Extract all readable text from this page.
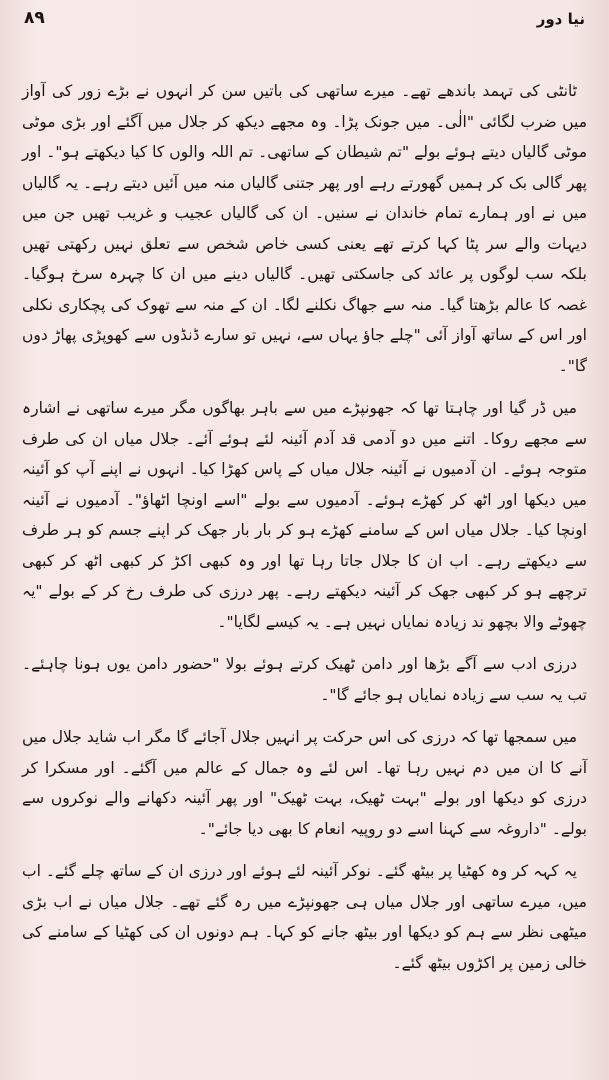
نیا دور
۸۹

ٹانٹی کی تہمد باندھے تھے۔ میرے ساتھی کی باتیں سن کر انہوں نے بڑے زور کی آواز میں ضرب لگائی "الٰی۔ میں جونک پڑا۔ وہ مجھے دیکھ کر جلال میں آگئے اور بڑی موٹی موٹی گالیاں دیتے ہوئے بولے "تم شیطان کے ساتھی۔ تم اللہ والوں کا کیا دیکھتے ہو"۔ اور پھر گالی بک کر ہمیں گھورتے رہے اور پھر جتنی گالیاں منہ میں آئیں دیتے رہے۔ یہ گالیاں میں نے اور ہمارے تمام خاندان نے سنیں۔ ان کی گالیاں عجیب و غریب تھیں جن میں دیہات والے سر پٹا کہا کرتے تھے یعنی کسی خاص شخص سے تعلق نہیں رکھتی تھیں بلکہ سب لوگوں پر عائد کی جاسکتی تھیں۔ گالیاں دینے میں ان کا چہرہ سرخ ہوگیا۔ غصہ کا عالم بڑھتا گیا۔ منہ سے جھاگ نکلنے لگا۔ ان کے منہ سے تھوک کی پچکاری نکلی اور اس کے ساتھ آواز آئی "چلے جاؤ یہاں سے، نہیں تو سارے ڈنڈوں سے کھوپڑی پھاڑ دوں گا"۔

میں ڈر گیا اور چاہتا تھا کہ جھونپڑے میں سے باہر بھاگوں مگر میرے ساتھی نے اشارہ سے مجھے روکا۔ اتنے میں دو آدمی قد آدم آئینہ لئے ہوئے آئے۔ جلال میاں ان کی طرف متوجہ ہوئے۔ ان آدمیوں نے آئینہ جلال میاں کے پاس کھڑا کیا۔ انہوں نے اپنے آپ کو آئینہ میں دیکھا اور اٹھ کر کھڑے ہوئے۔ آدمیوں سے بولے "اسے اونچا اٹھاؤ"۔ آدمیوں نے آئینہ اونچا کیا۔ جلال میاں اس کے سامنے کھڑے ہو کر بار بار جھک کر اپنے جسم کو ہر طرف سے دیکھتے رہے۔ اب ان کا جلال جاتا رہا تھا اور وہ کبھی اکڑ کر کبھی اٹھ کر کبھی ترچھے ہو کر کبھی جھک کر آئینہ دیکھتے رہے۔ پھر درزی کی طرف رخ کر کے بولے "یہ چھوٹے والا بچھو ند زیادہ نمایاں نہیں ہے۔ یہ کیسے لگایا"۔

درزی ادب سے آگے بڑھا اور دامن ٹھیک کرتے ہوئے بولا "حضور دامن یوں ہونا چاہئے۔ تب یہ سب سے زیادہ نمایاں ہو جائے گا"۔

میں سمجھا تھا کہ درزی کی اس حرکت پر انہیں جلال آجائے گا مگر اب شاید جلال میں آنے کا ان میں دم نہیں رہا تھا۔ اس لئے وہ جمال کے عالم میں آگئے۔ اور مسکرا کر درزی کو دیکھا اور بولے "بہت ٹھیک، بہت ٹھیک" اور پھر آئینہ دکھانے والے نوکروں سے بولے۔ "داروغہ سے کہنا اسے دو روپیہ انعام کا بھی دیا جائے"۔

یہ کہہ کر وہ کھٹیا پر بیٹھ گئے۔ نوکر آئینہ لئے ہوئے اور درزی ان کے ساتھ چلے گئے۔ اب میں، میرے ساتھی اور جلال میاں ہی جھونپڑے میں رہ گئے تھے۔ جلال میاں نے اب بڑی میٹھی نظر سے ہم کو دیکھا اور بیٹھ جانے کو کہا۔ ہم دونوں ان کی کھٹیا کے سامنے کی خالی زمین پر اکڑوں بیٹھ گئے۔
